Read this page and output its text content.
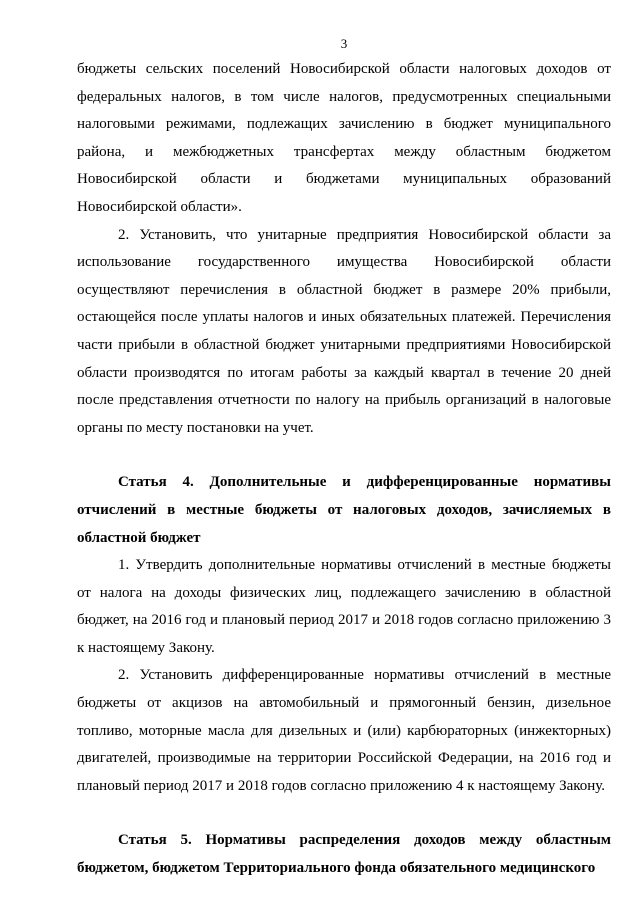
3

бюджеты сельских поселений Новосибирской области налоговых доходов от федеральных налогов, в том числе налогов, предусмотренных специальными налоговыми режимами, подлежащих зачислению в бюджет муниципального района, и межбюджетных трансфертах между областным бюджетом Новосибирской области и бюджетами муниципальных образований Новосибирской области».

2. Установить, что унитарные предприятия Новосибирской области за использование государственного имущества Новосибирской области осуществляют перечисления в областной бюджет в размере 20% прибыли, остающейся после уплаты налогов и иных обязательных платежей. Перечисления части прибыли в областной бюджет унитарными предприятиями Новосибирской области производятся по итогам работы за каждый квартал в течение 20 дней после представления отчетности по налогу на прибыль организаций в налоговые органы по месту постановки на учет.

Статья 4. Дополнительные и дифференцированные нормативы отчислений в местные бюджеты от налоговых доходов, зачисляемых в областной бюджет

1. Утвердить дополнительные нормативы отчислений в местные бюджеты от налога на доходы физических лиц, подлежащего зачислению в областной бюджет, на 2016 год и плановый период 2017 и 2018 годов согласно приложению 3 к настоящему Закону.

2. Установить дифференцированные нормативы отчислений в местные бюджеты от акцизов на автомобильный и прямогонный бензин, дизельное топливо, моторные масла для дизельных и (или) карбюраторных (инжекторных) двигателей, производимые на территории Российской Федерации, на 2016 год и плановый период 2017 и 2018 годов согласно приложению 4 к настоящему Закону.

Статья 5. Нормативы распределения доходов между областным бюджетом, бюджетом Территориального фонда обязательного медицинского
